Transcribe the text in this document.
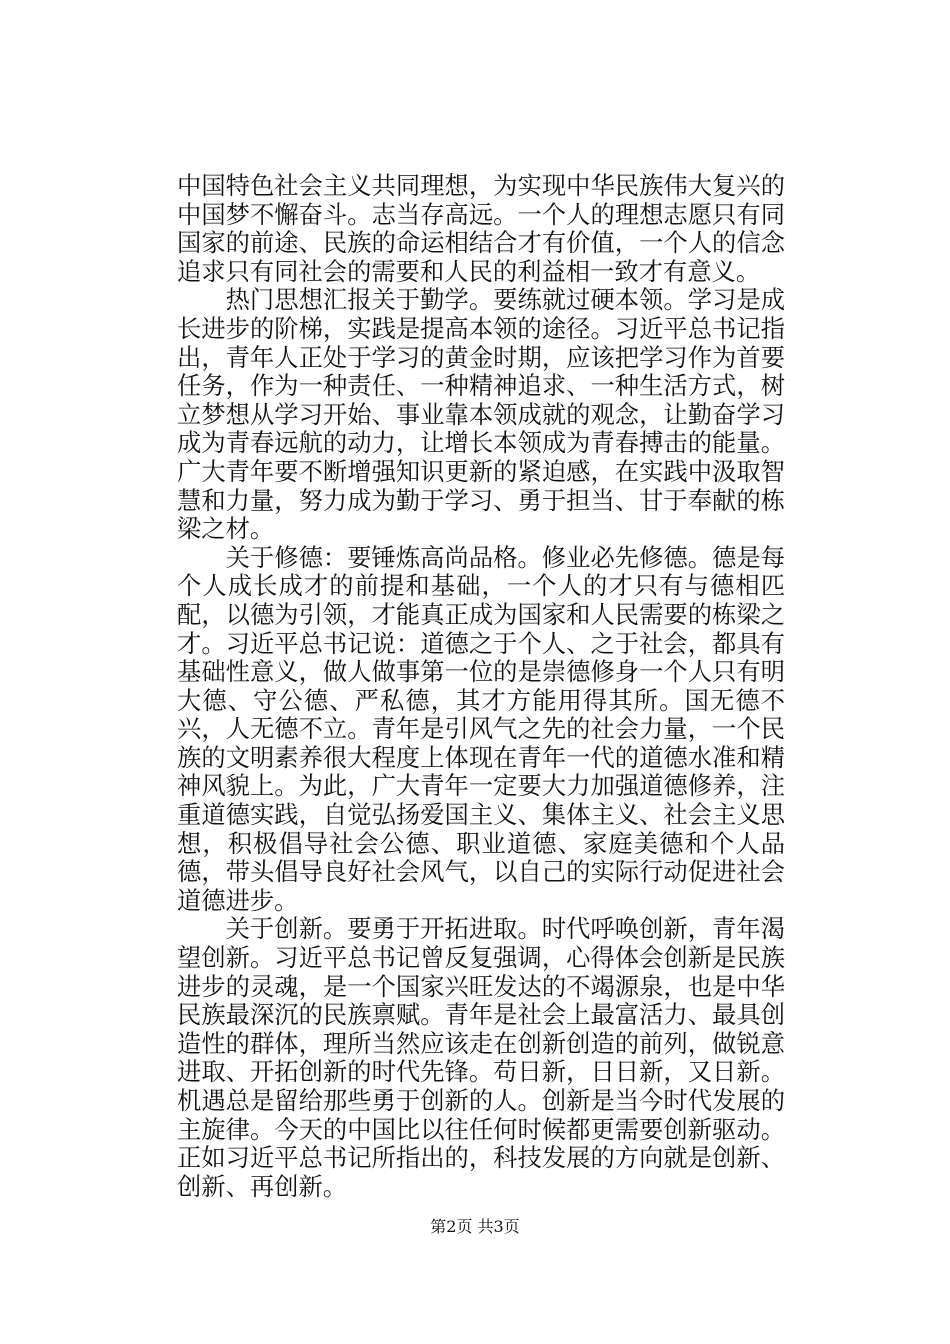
中国特色社会主义共同理想，为实现中华民族伟大复兴的中国梦不懈奋斗。志当存高远。一个人的理想志愿只有同国家的前途、民族的命运相结合才有价值，一个人的信念追求只有同社会的需要和人民的利益相一致才有意义。

热门思想汇报关于勤学。要练就过硬本领。学习是成长进步的阶梯，实践是提高本领的途径。习近平总书记指出，青年人正处于学习的黄金时期，应该把学习作为首要任务，作为一种责任、一种精神追求、一种生活方式，树立梦想从学习开始、事业靠本领成就的观念，让勤奋学习成为青春远航的动力，让增长本领成为青春搏击的能量。广大青年要不断增强知识更新的紧迫感，在实践中汲取智慧和力量，努力成为勤于学习、勇于担当、甘于奉献的栋梁之材。

关于修德：要锤炼高尚品格。修业必先修德。德是每个人成长成才的前提和基础，一个人的才只有与德相匹配，以德为引领，才能真正成为国家和人民需要的栋梁之才。习近平总书记说：道德之于个人、之于社会，都具有基础性意义，做人做事第一位的是崇德修身一个人只有明大德、守公德、严私德，其才方能用得其所。国无德不兴，人无德不立。青年是引风气之先的社会力量，一个民族的文明素养很大程度上体现在青年一代的道德水准和精神风貌上。为此，广大青年一定要大力加强道德修养，注重道德实践，自觉弘扬爱国主义、集体主义、社会主义思想，积极倡导社会公德、职业道德、家庭美德和个人品德，带头倡导良好社会风气，以自己的实际行动促进社会道德进步。

关于创新。要勇于开拓进取。时代呼唤创新，青年渴望创新。习近平总书记曾反复强调，心得体会创新是民族进步的灵魂，是一个国家兴旺发达的不竭源泉，也是中华民族最深沉的民族禀赋。青年是社会上最富活力、最具创造性的群体，理所当然应该走在创新创造的前列，做锐意进取、开拓创新的时代先锋。苟日新，日日新，又日新。机遇总是留给那些勇于创新的人。创新是当今时代发展的主旋律。今天的中国比以往任何时候都更需要创新驱动。正如习近平总书记所指出的，科技发展的方向就是创新、创新、再创新。

第2页 共3页
